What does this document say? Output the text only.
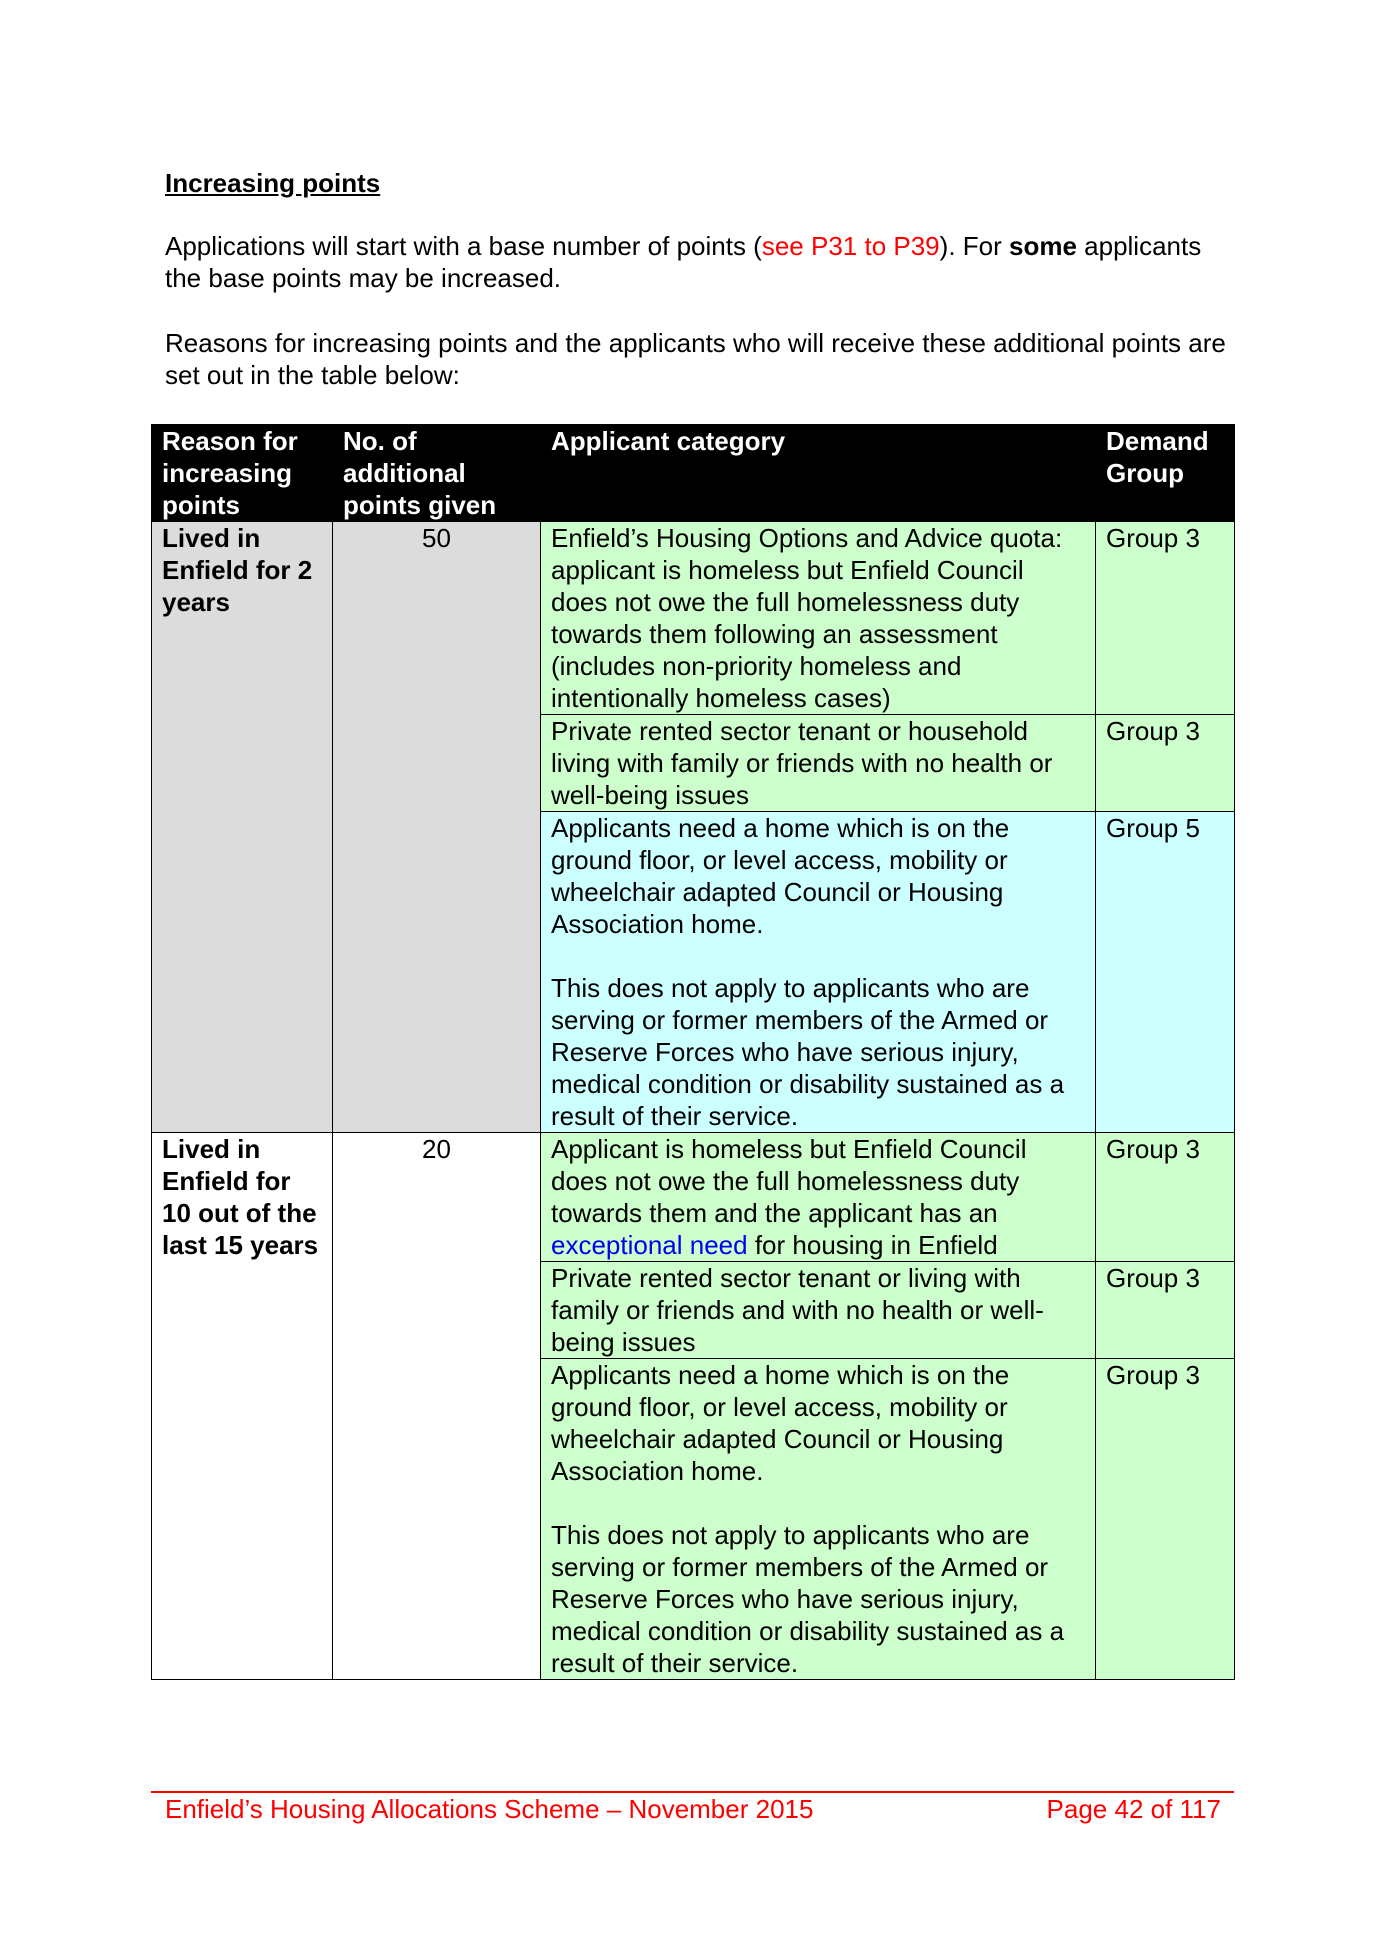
Increasing points

Applications will start with a base number of points (see P31 to P39). For some applicants the base points may be increased.

Reasons for increasing points and the applicants who will receive these additional points are set out in the table below:

Reason for increasing points	No. of additional points given	Applicant category	Demand Group
Lived in Enfield for 2 years	50	Enfield’s Housing Options and Advice quota: applicant is homeless but Enfield Council does not owe the full homelessness duty towards them following an assessment (includes non-priority homeless and intentionally homeless cases)	Group 3
		Private rented sector tenant or household living with family or friends with no health or well-being issues	Group 3
		Applicants need a home which is on the ground floor, or level access, mobility or wheelchair adapted Council or Housing Association home.
This does not apply to applicants who are serving or former members of the Armed or Reserve Forces who have serious injury, medical condition or disability sustained as a result of their service.	Group 5
Lived in Enfield for 10 out of the last 15 years	20	Applicant is homeless but Enfield Council does not owe the full homelessness duty towards them and the applicant has an exceptional need for housing in Enfield	Group 3
		Private rented sector tenant or living with family or friends and with no health or well-being issues	Group 3
		Applicants need a home which is on the ground floor, or level access, mobility or wheelchair adapted Council or Housing Association home.
This does not apply to applicants who are serving or former members of the Armed or Reserve Forces who have serious injury, medical condition or disability sustained as a result of their service.	Group 3
Enfield’s Housing Allocations Scheme – November 2015	Page 42 of 117
